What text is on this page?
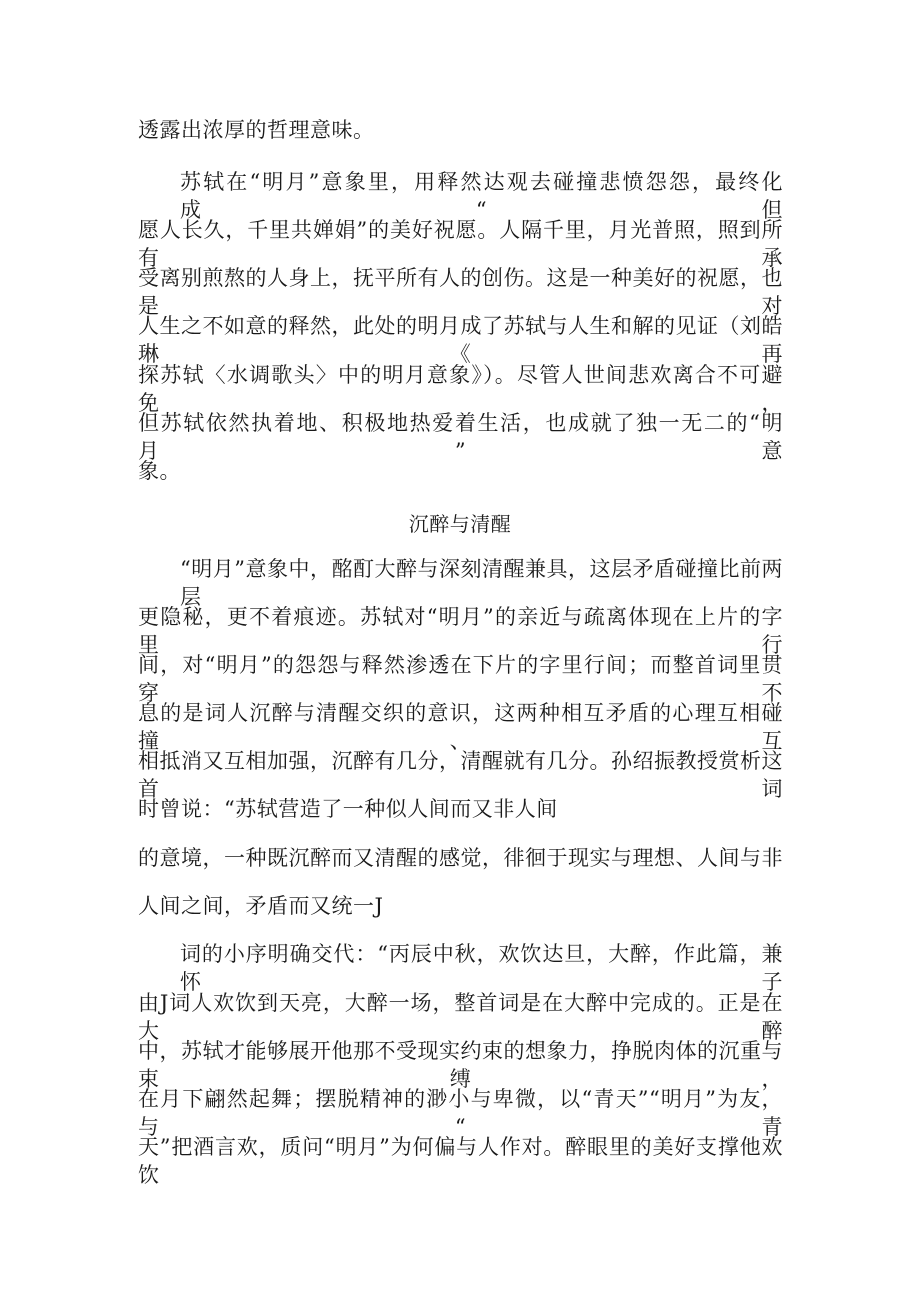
透露出浓厚的哲理意味。
苏轼在“明月”意象里，用释然达观去碰撞悲愤怨怨，最终化成“但
愿人长久，千里共婵娟”的美好祝愿。人隔千里，月光普照，照到所有承
受离别煎熬的人身上，抚平所有人的创伤。这是一种美好的祝愿，也是对
人生之不如意的释然，此处的明月成了苏轼与人生和解的见证（刘皓琳《再
探苏轼〈水调歌头〉中的明月意象》）。尽管人世间悲欢离合不可避免，
但苏轼依然执着地、积极地热爱着生活，也成就了独一无二的“明月”意
象。
沉醉与清醒
“明月”意象中，酩酊大醉与深刻清醒兼具，这层矛盾碰撞比前两层
更隐秘，更不着痕迹。苏轼对“明月”的亲近与疏离体现在上片的字里行
间，对“明月”的怨怨与释然渗透在下片的字里行间；而整首词里贯穿不
息的是词人沉醉与清醒交织的意识，这两种相互矛盾的心理互相碰撞、互
相抵消又互相加强，沉醉有几分，清醒就有几分。孙绍振教授赏析这首词
时曾说：“苏轼营造了一种似人间而又非人间
的意境，一种既沉醉而又清醒的感觉，徘徊于现实与理想、人间与非
人间之间，矛盾而又统一J
词的小序明确交代：“丙辰中秋，欢饮达旦，大醉，作此篇，兼怀子
由J词人欢饮到天亮，大醉一场，整首词是在大醉中完成的。正是在大醉
中，苏轼才能够展开他那不受现实约束的想象力，挣脱肉体的沉重与束缚，
在月下翩然起舞；摆脱精神的渺小与卑微，以“青天”“明月”为友，与“青
天”把酒言欢，质问“明月”为何偏与人作对。醉眼里的美好支撑他欢饮
